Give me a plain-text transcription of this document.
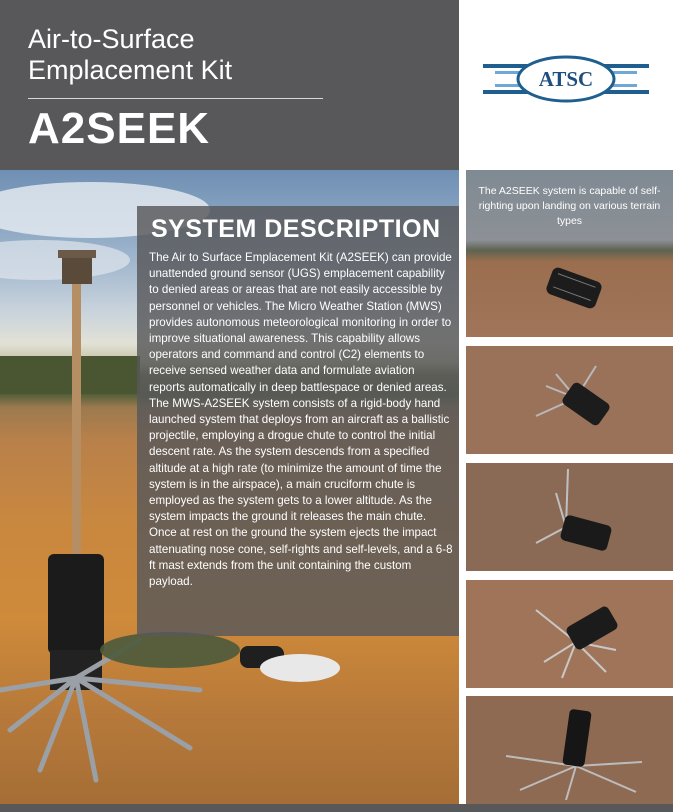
Air-to-Surface Emplacement Kit
A2SEEK
ATSC
SYSTEM DESCRIPTION
The Air to Surface Emplacement Kit (A2SEEK) can provide unattended ground sensor (UGS) emplacement capability to denied areas or areas that are not easily accessible by personnel or vehicles. The Micro Weather Station (MWS) provides autonomous meteorological monitoring in order to improve situational awareness. This capability allows operators and command and control (C2) elements to receive sensed weather data and formulate aviation reports automatically in deep battlespace or denied areas. The MWS-A2SEEK system consists of a rigid-body hand launched system that deploys from an aircraft as a ballistic projectile, employing a drogue chute to control the initial descent rate. As the system descends from a specified altitude at a high rate (to minimize the amount of time the system is in the airspace), a main cruciform chute is employed as the system gets to a lower altitude. As the system impacts the ground it releases the main chute. Once at rest on the ground the system ejects the impact attenuating nose cone, self-rights and self-levels, and a 6-8 ft mast extends from the unit containing the custom payload.
The A2SEEK system is capable of self-righting upon landing on various terrain types
